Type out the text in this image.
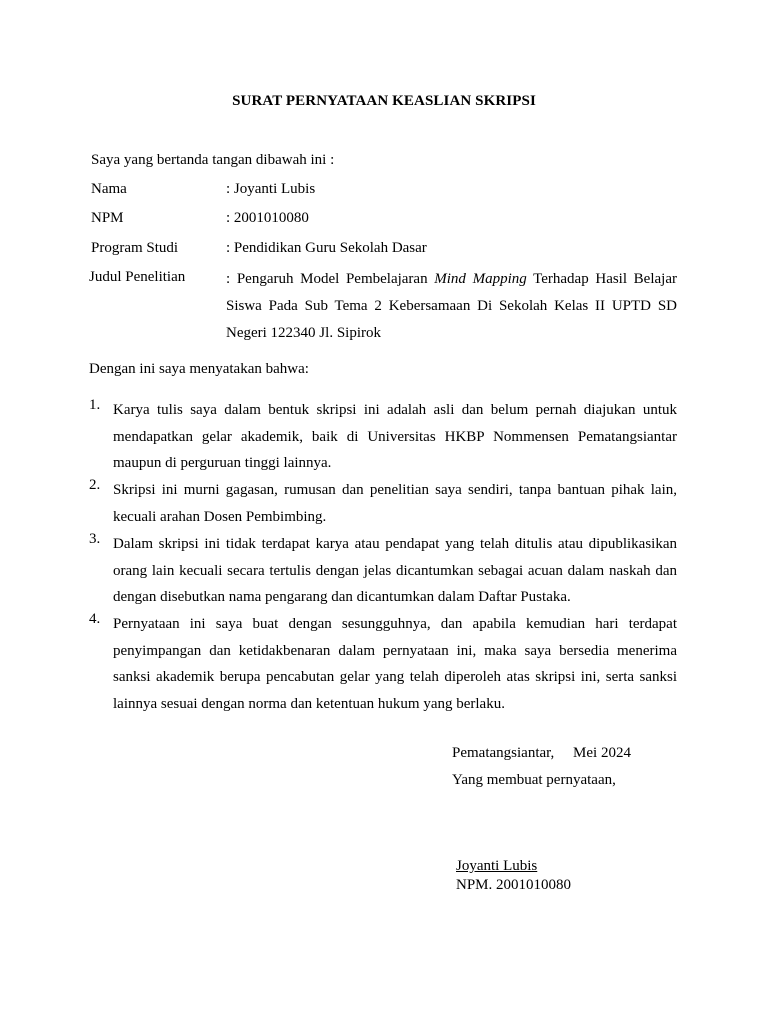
SURAT PERNYATAAN KEASLIAN SKRIPSI
Saya yang bertanda tangan dibawah ini :
Nama	: Joyanti Lubis
NPM	: 2001010080
Program Studi	: Pendidikan Guru Sekolah Dasar
Judul Penelitian	: Pengaruh Model Pembelajaran Mind Mapping Terhadap Hasil Belajar Siswa Pada Sub Tema 2 Kebersamaan Di Sekolah Kelas II UPTD SD Negeri 122340 Jl. Sipirok
Dengan ini saya menyatakan bahwa:
1. Karya tulis saya dalam bentuk skripsi ini adalah asli dan belum pernah diajukan untuk mendapatkan gelar akademik, baik di Universitas HKBP Nommensen Pematangsiantar maupun di perguruan tinggi lainnya.
2. Skripsi ini murni gagasan, rumusan dan penelitian saya sendiri, tanpa bantuan pihak lain, kecuali arahan Dosen Pembimbing.
3. Dalam skripsi ini tidak terdapat karya atau pendapat yang telah ditulis atau dipublikasikan orang lain kecuali secara tertulis dengan jelas dicantumkan sebagai acuan dalam naskah dan dengan disebutkan nama pengarang dan dicantumkan dalam Daftar Pustaka.
4. Pernyataan ini saya buat dengan sesungguhnya, dan apabila kemudian hari terdapat penyimpangan dan ketidakbenaran dalam pernyataan ini, maka saya bersedia menerima sanksi akademik berupa pencabutan gelar yang telah diperoleh atas skripsi ini, serta sanksi lainnya sesuai dengan norma dan ketentuan hukum yang berlaku.
Pematangsiantar,     Mei 2024
Yang membuat pernyataan,
Joyanti Lubis
NPM. 2001010080
